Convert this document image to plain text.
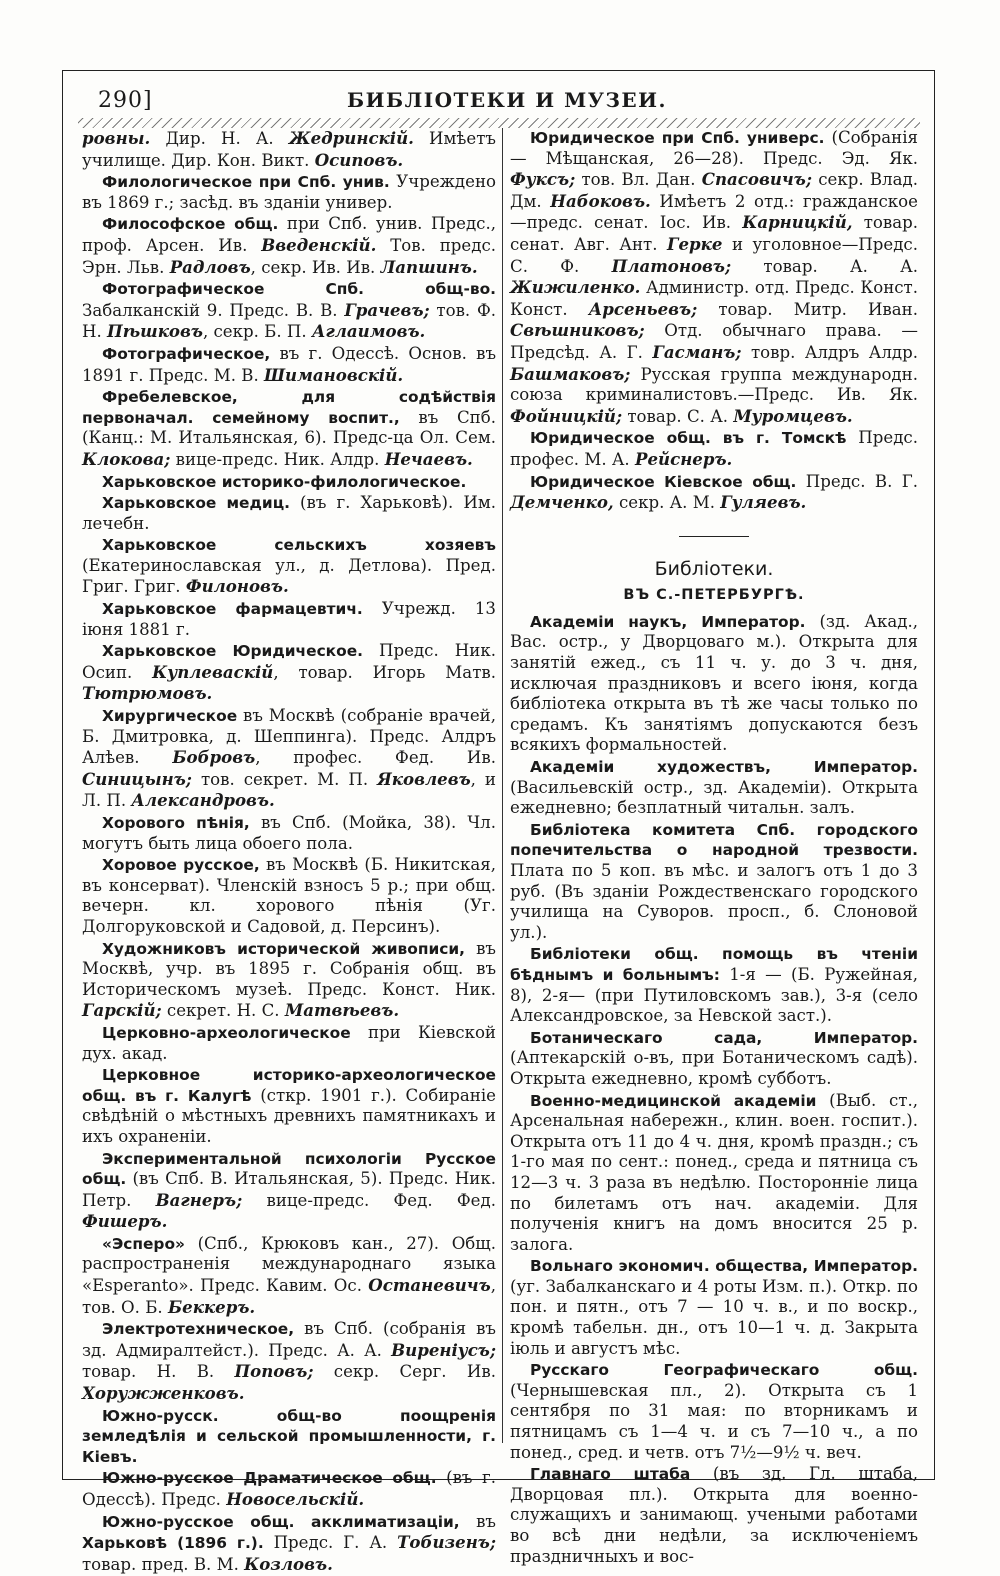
290]	БИБЛІОТЕКИ И МУЗЕИ.

ровны. Дир. Н. А. Жедринскій. Имѣетъ училище. Дир. Кон. Викт. Осиповъ.

Филологическое при Спб. унив. Учреждено въ 1869 г.; засѣд. въ зданіи универ.

Философское общ. при Спб. унив. Предс., проф. Арсен. Ив. Введенскій. Тов. предс. Эрн. Льв. Радловъ, секр. Ив. Ив. Лапшинъ.

Фотографическое Спб. общ-во. Забалканскій 9. Предс. В. В. Грачевъ; тов. Ф. Н. Пѣшковъ, секр. Б. П. Аглаимовъ.

Фотографическое, въ г. Одессѣ. Основ. въ 1891 г. Предс. М. В. Шимановскій.

Фребелевское, для содѣйствія первоначал. семейному воспит., въ Спб.(Канц.: М. Итальянская, 6). Предс-ца Ол. Сем. Клокова; вице-предс. Ник. Алдр. Нечаевъ.

Харьковское историко-филологическое.

Харьковское медиц. (въ г. Харьковѣ). Им. лечебн.

Харьковское сельскихъ хозяевъ (Екатеринославская ул., д. Детлова). Пред. Григ. Григ. Филоновъ.

Харьковское фармацевтич. Учрежд. 13 іюня 1881 г.

Харьковское Юридическое. Предс. Ник. Осип. Куплеваскій, товар. Игорь Матв. Тютрюмовъ.

Хирургическое въ Москвѣ (собраніе врачей, Б. Дмитровка, д. Шеппинга). Предс. Алдръ Алѣев. Бобровъ, профес. Фед. Ив. Синицынъ; тов. секрет. М. П. Яковлевъ, и Л. П. Александровъ.

Хорового пѣнія, въ Спб. (Мойка, 38). Чл. могутъ быть лица обоего пола.

Хоровое русское, въ Москвѣ (Б. Никитская, въ консерват). Членскій взносъ 5 р.; при общ. вечерн. кл. хорового пѣнія (Уг. Долгоруковской и Садовой, д. Персинъ).

Художниковъ исторической живописи, въ Москвѣ, учр. въ 1895 г. Собранія общ. въ Историческомъ музеѣ. Предс. Конст. Ник. Гарскій; секрет. Н. С. Матвѣевъ.

Церковно-археологическое при Кіевской дух. акад.

Церковное историко-археологическое общ. въ г. Калугѣ (сткр. 1901 г.). Собираніе свѣдѣній о мѣстныхъ древнихъ памятникахъ и ихъ охраненіи.

Экспериментальной психологіи Русское общ. (въ Спб. В. Итальянская, 5). Предс. Ник. Петр. Вагнеръ; вице-предс. Фед. Фед. Фишеръ.

«Эсперо» (Спб., Крюковъ кан., 27). Общ. распространенія международнаго языка «Esperanto». Предс. Кавим. Ос. Останевичъ, тов. О. Б. Беккеръ.

Электротехническое, въ Спб. (собранія въ зд. Адмиралтейст.). Предс. А. А. Виреніусъ; товар. Н. В. Поповъ; секр. Серг. Ив. Хоружженковъ.

Южно-русск. общ-во поощренія земледѣлія и сельской промышленности, г. Кіевъ.

Южно-русское Драматическое общ. (въ г. Одессѣ). Предс. Новосельскій.

Южно-русское общ. акклиматизаціи, въ Харьковѣ (1896 г.). Предс. Г. А. Тобизенъ; товар. пред. В. М. Козловъ.

Юридическое при Спб. универс. (Собранія — Мѣщанская, 26—28). Предс. Эд. Як. Фуксъ; тов. Вл. Дан. Спасовичъ; секр. Влад. Дм. Набоковъ. Имѣетъ 2 отд.: гражданское—предс. сенат. Іос. Ив. Карницкій, товар. сенат. Авг. Ант. Герке и уголовное—Предс. С. Ф. Платоновъ; товар. А. А. Жижиленко. Администр. отд. Предс. Конст. Конст. Арсеньевъ; товар. Митр. Иван. Свѣшниковъ; Отд. обычнаго права. — Предсѣд. А. Г. Гасманъ; товр. Алдръ Алдр. Башмаковъ; Русская группа международн. союза криминалистовъ.—Предс. Ив. Як. Фойницкій; товар. С. А. Муромцевъ.

Юридическое общ. въ г. Томскѣ Предс. профес. М. А. Рейснеръ.

Юридическое Кіевское общ. Предс. В. Г. Демченко, секр. А. М. Гуляевъ.

Библіотеки.
ВЪ С.-ПЕТЕРБУРГѢ.

Академіи наукъ, Император. (зд. Акад., Вас. остр., у Дворцоваго м.). Открыта для занятій ежед., съ 11 ч. у. до 3 ч. дня, исключая праздниковъ и всего іюня, когда библіотека открыта въ тѣ же часы только по средамъ. Къ занятіямъ допускаются безъ всякихъ формальностей.

Академіи художествъ, Император. (Васильевскій остр., зд. Академіи). Открыта ежедневно; безплатный читальн. залъ.

Библіотека комитета Спб. городского попечительства о народной трезвости. Плата по 5 коп. въ мѣс. и залогъ отъ 1 до 3 руб. (Въ зданіи Рождественскаго городского училища на Суворов. просп., б. Слоновой ул.).

Библіотеки общ. помощь въ чтеніи бѣднымъ и больнымъ: 1-я — (Б. Ружейная, 8), 2-я— (при Путиловскомъ зав.), 3-я (село Александровское, за Невской заст.).

Ботаническаго сада, Император. (Аптекарскій о-въ, при Ботаническомъ садѣ). Открыта ежедневно, кромѣ субботъ.

Военно-медицинской академіи (Выб. ст., Арсенальная набережн., клин. воен. госпит.). Открыта отъ 11 до 4 ч. дня, кромѣ праздн.; съ 1-го мая по сент.: понед., среда и пятница съ 12—3 ч. 3 раза въ недѣлю. Посторонніе лица по билетамъ отъ нач. академіи. Для полученія книгъ на домъ вносится 25 р. залога.

Вольнаго экономич. общества, Император. (уг. Забалканскаго и 4 роты Изм. п.). Откр. по пон. и пятн., отъ 7 — 10 ч. в., и по воскр., кромѣ табельн. дн., отъ 10—1 ч. д. Закрыта іюль и августъ мѣс.

Русскаго Географическаго общ. (Чернышевская пл., 2). Открыта съ 1 сентября по 31 мая: по вторникамъ и пятницамъ съ 1—4 ч. и съ 7—10 ч., а по понед., сред. и четв. отъ 7½—9½ ч. веч.

Главнаго штаба (въ зд. Гл. штаба, Дворцовая пл.). Открыта для военно-служащихъ и занимающ. учеными работами во всѣ дни недѣли, за исключеніемъ праздничныхъ и вос-
